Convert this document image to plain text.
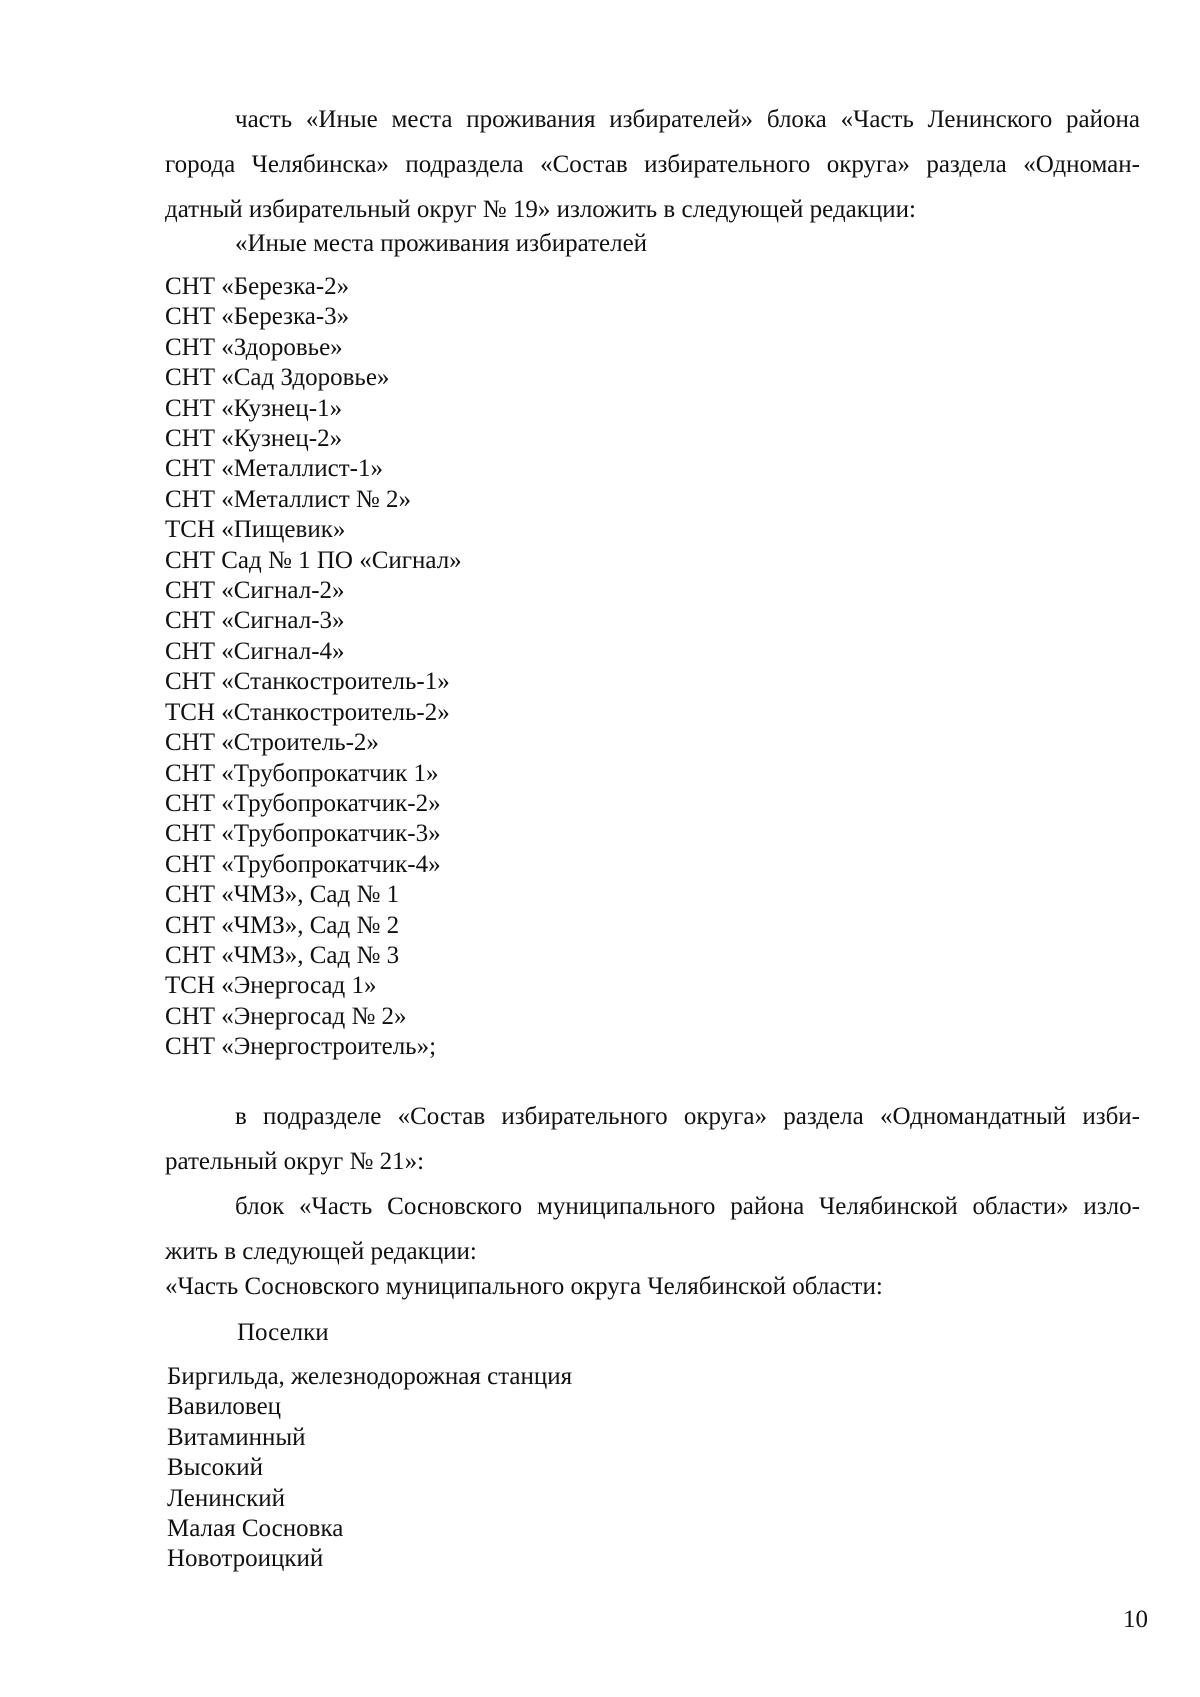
часть «Иные места проживания избирателей» блока «Часть Ленинского района
города Челябинска» подраздела «Состав избирательного округа» раздела «Одноман-
датный избирательный округ № 19» изложить в следующей редакции:

«Иные места проживания избирателей
СНТ «Березка-2»
СНТ «Березка-3»
СНТ «Здоровье»
СНТ «Сад Здоровье»
СНТ «Кузнец-1»
СНТ «Кузнец-2»
СНТ «Металлист-1»
СНТ «Металлист № 2»
ТСН «Пищевик»
СНТ Сад № 1 ПО «Сигнал»
СНТ «Сигнал-2»
СНТ «Сигнал-3»
СНТ «Сигнал-4»
СНТ «Станкостроитель-1»
ТСН «Станкостроитель-2»
СНТ «Строитель-2»
СНТ «Трубопрокатчик 1»
СНТ «Трубопрокатчик-2»
СНТ «Трубопрокатчик-3»
СНТ «Трубопрокатчик-4»
СНТ «ЧМЗ», Сад № 1
СНТ «ЧМЗ», Сад № 2
СНТ «ЧМЗ», Сад № 3
ТСН «Энергосад 1»
СНТ «Энергосад № 2»
СНТ «Энергостроитель»;

в подразделе «Состав избирательного округа» раздела «Одномандатный изби-
рательный округ № 21»:

блок «Часть Сосновского муниципального района Челябинской области» изло-
жить в следующей редакции:

«Часть Сосновского муниципального округа Челябинской области:
Поселки
Биргильда, железнодорожная станция
Вавиловец
Витаминный
Высокий
Ленинский
Малая Сосновка
Новотроицкий
10
